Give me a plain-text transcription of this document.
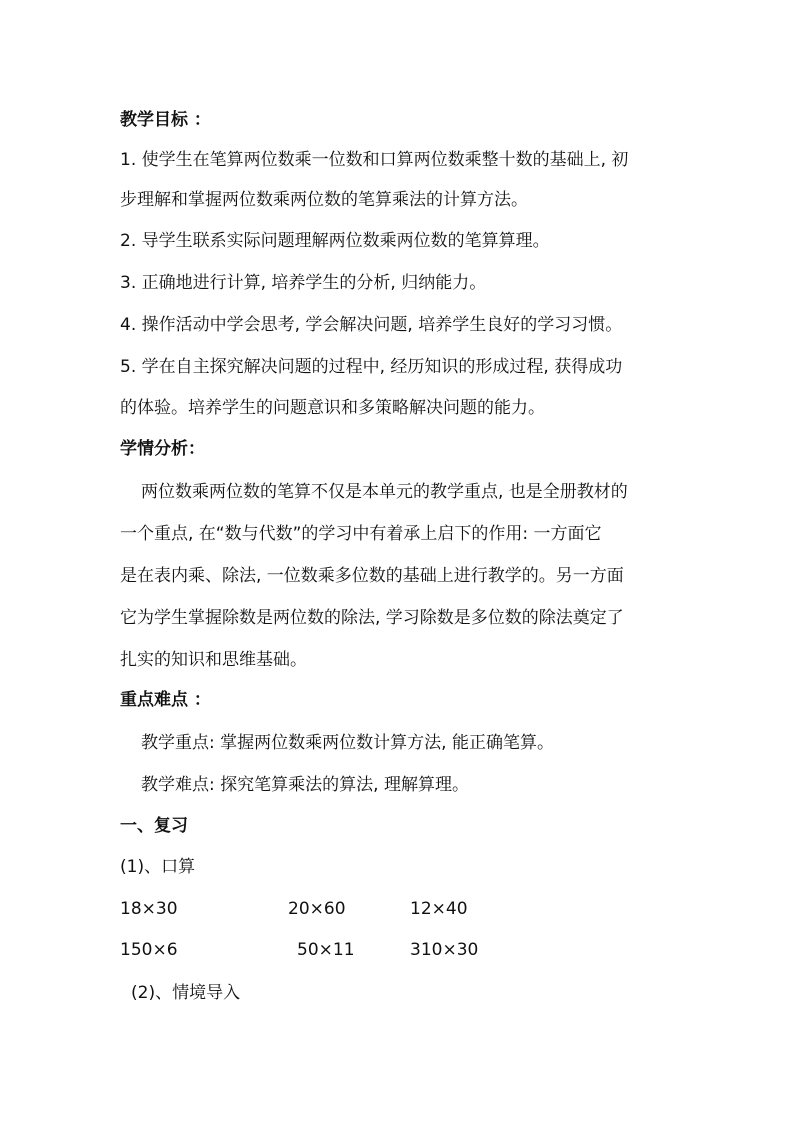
教学目标 ：
1. 使学生在笔算两位数乘一位数和口算两位数乘整十数的基础上, 初
步理解和掌握两位数乘两位数的笔算乘法的计算方法。
2. 导学生联系实际问题理解两位数乘两位数的笔算算理。
3. 正确地进行计算, 培养学生的分析, 归纳能力。
4. 操作活动中学会思考, 学会解决问题, 培养学生良好的学习习惯。
5. 学在自主探究解决问题的过程中, 经历知识的形成过程, 获得成功
的体验。培养学生的问题意识和多策略解决问题的能力。
学情分析：
两位数乘两位数的笔算不仅是本单元的教学重点, 也是全册教材的
一个重点, 在“数与代数”的学习中有着承上启下的作用: 一方面它
是在表内乘、除法, 一位数乘多位数的基础上进行教学的。另一方面
它为学生掌握除数是两位数的除法, 学习除数是多位数的除法奠定了
扎实的知识和思维基础。
重点难点 ：
教学重点: 掌握两位数乘两位数计算方法, 能正确笔算。
教学难点: 探究笔算乘法的算法, 理解算理。
一、复习
(1)、口算
18×30	20×60	12×40
150×6	50×11	310×30
(2)、情境导入
